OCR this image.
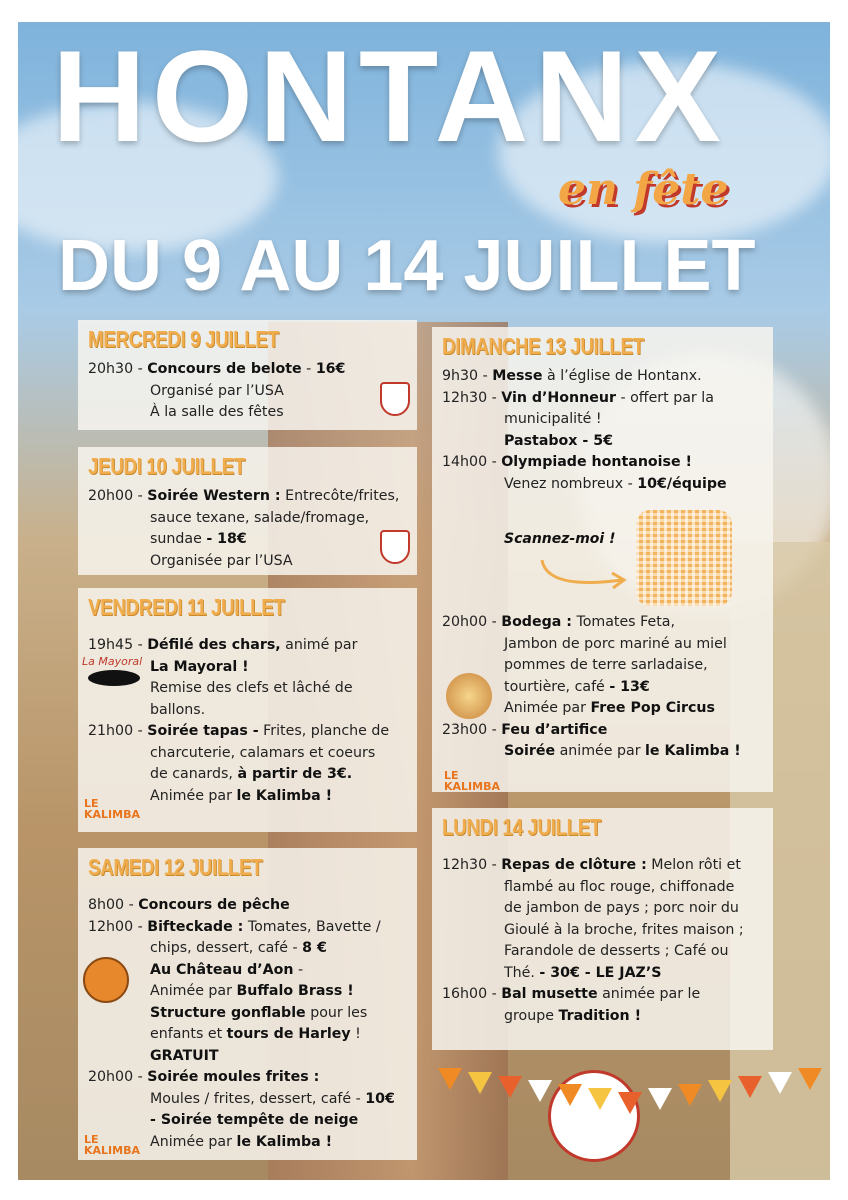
HONTANX
en fête
DU 9 AU 14 JUILLET
MERCREDI 9 JUILLET
20h30 - Concours de belote - 16€
Organisé par l’USA
À la salle des fêtes
JEUDI 10 JUILLET
20h00 - Soirée Western : Entrecôte/frites,
sauce texane, salade/fromage,
sundae - 18€
Organisée par l’USA
VENDREDI 11 JUILLET
19h45 - Défilé des chars, animé par
La Mayoral !
Remise des clefs et lâché de
ballons.
21h00 - Soirée tapas - Frites, planche de
charcuterie, calamars et coeurs
de canards, à partir de 3€.
Animée par le Kalimba !
SAMEDI 12 JUILLET
8h00 - Concours de pêche
12h00 - Bifteckade : Tomates, Bavette /
chips, dessert, café - 8 €
Au Château d’Aon -
Animée par Buffalo Brass !
Structure gonflable pour les
enfants et tours de Harley !
GRATUIT
20h00 - Soirée moules frites :
Moules / frites, dessert, café - 10€
- Soirée tempête de neige
Animée par le Kalimba !
DIMANCHE 13 JUILLET
9h30 - Messe à l’église de Hontanx.
12h30 - Vin d’Honneur - offert par la
municipalité !
Pastabox - 5€
14h00 - Olympiade hontanoise !
Venez nombreux - 10€/équipe
Scannez-moi !
20h00 - Bodega : Tomates Feta,
Jambon de porc mariné au miel
pommes de terre sarladaise,
tourtière, café - 13€
Animée par Free Pop Circus
23h00 - Feu d’artifice
Soirée animée par le Kalimba !
LUNDI 14 JUILLET
12h30 - Repas de clôture : Melon rôti et
flambé au floc rouge, chiffonade
de jambon de pays ; porc noir du
Gioulé à la broche, frites maison ;
Farandole de desserts ; Café ou
Thé. - 30€ - LE JAZ’S
16h00 - Bal musette animée par le
groupe Tradition !
La Mayoral
LE KALIMBA
LE KALIMBA
LE KALIMBA
